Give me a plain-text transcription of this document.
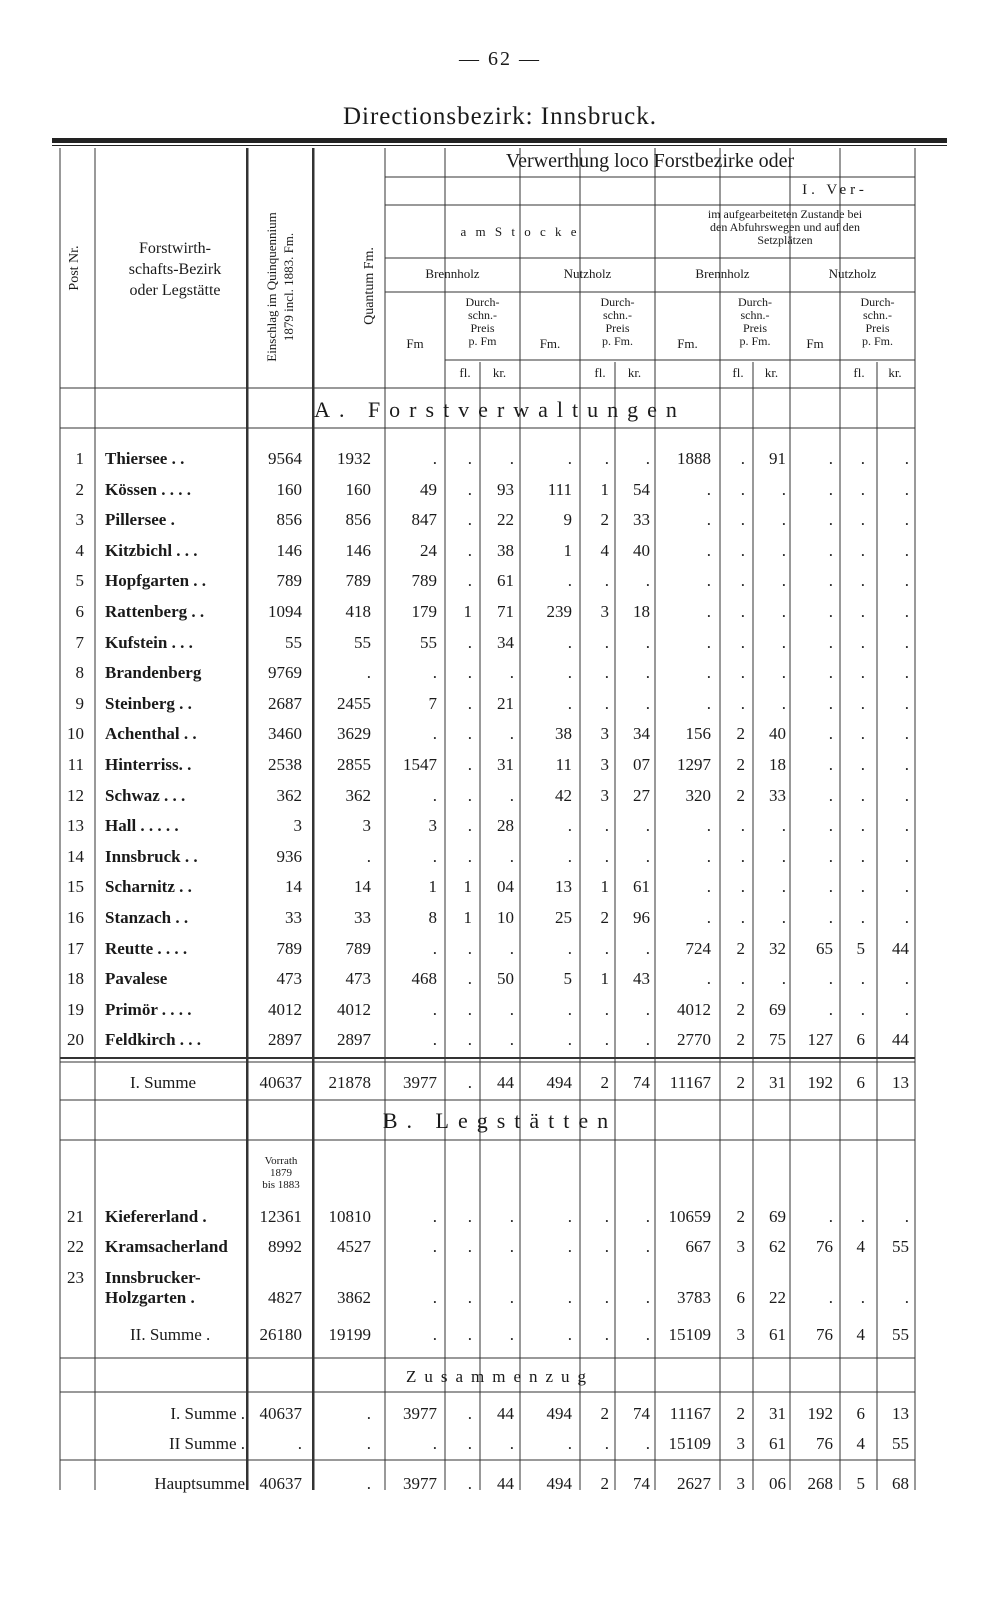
— 62 —
Directionsbezirk: Innsbruck.
Post Nr.	Forstwirth-
schafts-Bezirk
oder Legstätte	Einschlag im Quinquennium 1879 incl. 1883. Fm.	Quantum Fm.
Verwerthung loco Forstbezirke oder
I. Ver-
a m S t o c k e
im aufgearbeiteten Zustande bei
den Abfuhrswegen und auf den
Setzplätzen
Brennholz	Nutzholz	Brennholz	Nutzholz
Fm
Durch-
schn.-
Preis
p. Fm	Fm.
Durch-
schn.-
Preis
p. Fm.	Fm.
Durch-
schn.-
Preis
p. Fm.	Fm
Durch-
schn.-
Preis
p. Fm.
fl.	kr.	fl.	kr.	fl.	kr.	fl.	kr.
A. Forstverwaltungen
B. Legstätten
Zusammenzug
Vorrath
1879
bis 1883
1 Thiersee . .	9564	1932	.	.	.	.	.	.	1888	.	91	.	.	.
2 Kössen . . . .	160	160	49	.	93	111	1	54	.	.	.	.	.	.
3 Pillersee .	856	856	847	.	22	9	2	33	.	.	.	.	.	.
4 Kitzbichl . . .	146	146	24	.	38	1	4	40	.	.	.	.	.	.
5 Hopfgarten . .	789	789	789	.	61	.	.	.	.	.	.	.	.	.
6 Rattenberg . .	1094	418	179	1	71	239	3	18	.	.	.	.	.	.
7 Kufstein . . .	55	55	55	.	34	.	.	.	.	.	.	.	.	.
8 Brandenberg	9769	.	.	.	.	.	.	.	.	.	.	.	.	.
9 Steinberg . .	2687	2455	7	.	21	.	.	.	.	.	.	.	.	.
10 Achenthal . .	3460	3629	.	.	.	38	3	34	156	2	40	.	.	.
11 Hinterriss. .	2538	2855	1547	.	31	11	3	07	1297	2	18	.	.	.
12 Schwaz . . .	362	362	.	.	.	42	3	27	320	2	33	.	.	.
13 Hall . . . . .	3	3	3	.	28	.	.	.	.	.	.	.	.	.
14 Innsbruck . .	936	.	.	.	.	.	.	.	.	.	.	.	.	.
15 Scharnitz . .	14	14	1	1	04	13	1	61	.	.	.	.	.	.
16 Stanzach . .	33	33	8	1	10	25	2	96	.	.	.	.	.	.
17 Reutte . . . .	789	789	.	.	.	.	.	.	724	2	32	65	5	44
18 Pavalese	473	473	468	.	50	5	1	43	.	.	.	.	.	.
19 Primör . . . .	4012	4012	.	.	.	.	.	.	4012	2	69	.	.	.
20 Feldkirch . . .	2897	2897	.	.	.	.	.	.	2770	2	75	127	6	44
I. Summe	40637	21878	3977	.	44	494	2	74	11167	2	31	192	6	13
21 Kiefererland .	12361	10810	.	.	.	.	.	.	10659	2	69	.	.	.
22 Kramsacherland	8992	4527	.	.	.	.	.	.	667	3	62	76	4	55
23 Innsbrucker-
Holzgarten .	4827	3862	.	.	.	.	.	.	3783	6	22	.	.	.
II. Summe .	26180	19199	.	.	.	.	.	.	15109	3	61	76	4	55
I. Summe . 40637	.	3977	.	44	494	2	74	11167	2	31	192	6	13
II Summe .	.	.	.	.	.	.	.	.	15109	3	61	76	4	55
Hauptsumme 40637	.	3977	.	44	494	2	74	2627	3	06	268	5	68
